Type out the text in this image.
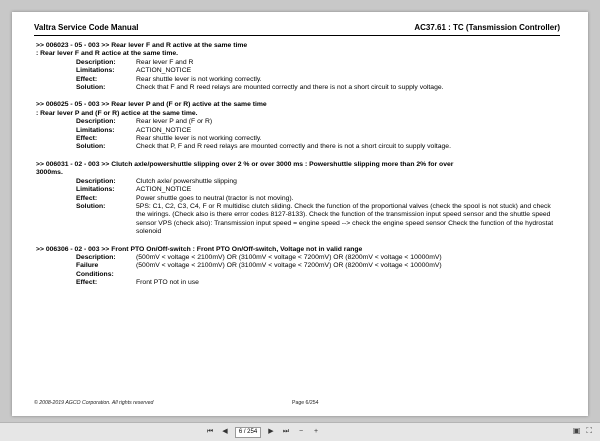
Valtra Service Code Manual	AC37.61 : TC (Tansmission Controller)
>> 006023 - 05 - 003 >> Rear lever F and R active at the same time
: Rear lever F and R actice at the same time.
Description:	Rear lever F and R
Limitations:	ACTION_NOTICE
Effect:	Rear shuttle lever is not working correctly.
Solution:	Check that F and R reed relays are mounted correctly and there is not a short circuit to supply voltage.
>> 006025 - 05 - 003 >> Rear lever P and (F or R) active at the same time
: Rear lever P and (F or R) actice at the same time.
Description:	Rear lever P and (F or R)
Limitations:	ACTION_NOTICE
Effect:	Rear shuttle lever is not working correctly.
Solution:	Check that P, F and R reed relays are mounted correctly and there is not a short circuit to supply voltage.
>> 006031 - 02 - 003 >> Clutch axle/powershuttle slipping over 2 % or over 3000 ms : Powershuttle slipping more than 2% for over
3000ms.
Description:	Clutch axle/ powershuttle slipping
Limitations:	ACTION_NOTICE
Effect:	Power shuttle goes to neutral (tractor is not moving).
Solution:	5PS: C1, C2, C3, C4, F or R multidisc clutch sliding. Check the function of the proportional valves (check the spool is not stuck) and check the wirings. (Check also is there error codes 8127-8133). Check the function of the transmission input speed sensor and the shuttle speed sensor VPS (check also): Transmission input speed = engine speed --> check the engine speed sensor Check the function of the hydrostat solenoid
>> 006306 - 02 - 003 >> Front PTO On/Off-switch : Front PTO On/Off-switch, Voltage not in valid range
Description:	(500mV < voltage < 2100mV) OR (3100mV < voltage < 7200mV) OR (8200mV < voltage < 10000mV)
Failure Conditions:
(500mV < voltage < 2100mV) OR (3100mV < voltage < 7200mV) OR (8200mV < voltage < 10000mV)
Effect:	Front PTO not in use
© 2008-2019 AGCO Corporation. All rights reserved	Page 6/254
⏮	◀
6 / 254	▶	⏭	−	+	▣ ⛶
